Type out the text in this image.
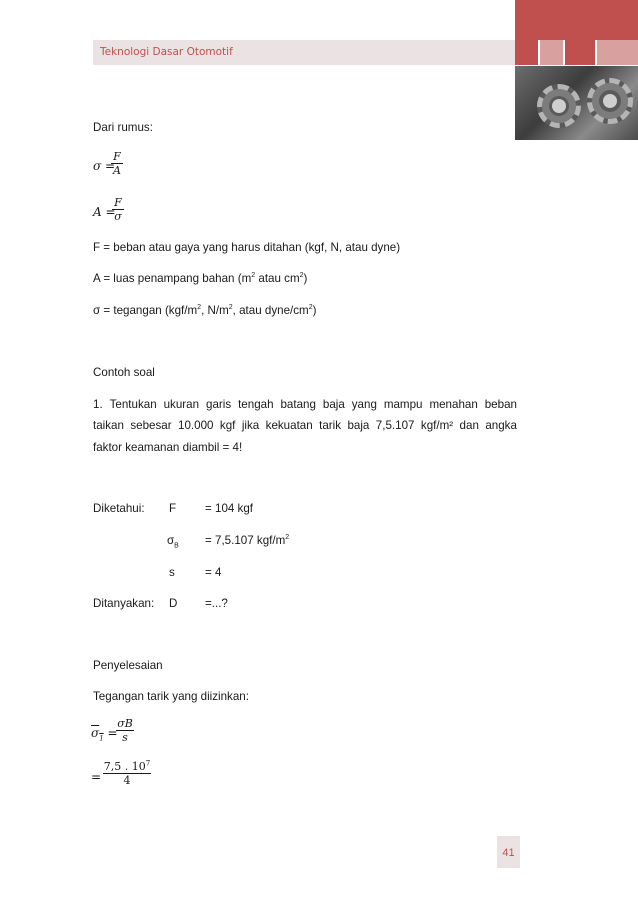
Teknologi Dasar Otomotif
Dari rumus:
σ =
F
A
A =
F
σ
F = beban atau gaya yang harus ditahan (kgf, N, atau dyne)
A = luas penampang bahan ($m^2$ atau $cm^2$)
σ = tegangan ($kgf/m^2$, $N/m^2$, atau dyne/$cm^2$)
Contoh soal
1. Tentukan ukuran garis tengah batang baja yang mampu menahan beban
taikan sebesar 10.000 kgf jika kekuatan tarik baja 7,5.107 kgf/m² dan angka
faktor keamanan diambil = 4!
Diketahui: F = 104 kgf
$\sigma_B = 7,5.107$ kgf/$m^2$
s	= 4
Ditanyakan: D =...?
Penyelesaian
Tegangan tarik yang diizinkan:
$\sigma_1$ =
σB
s
=
7,5 . $10^7$
4
41
